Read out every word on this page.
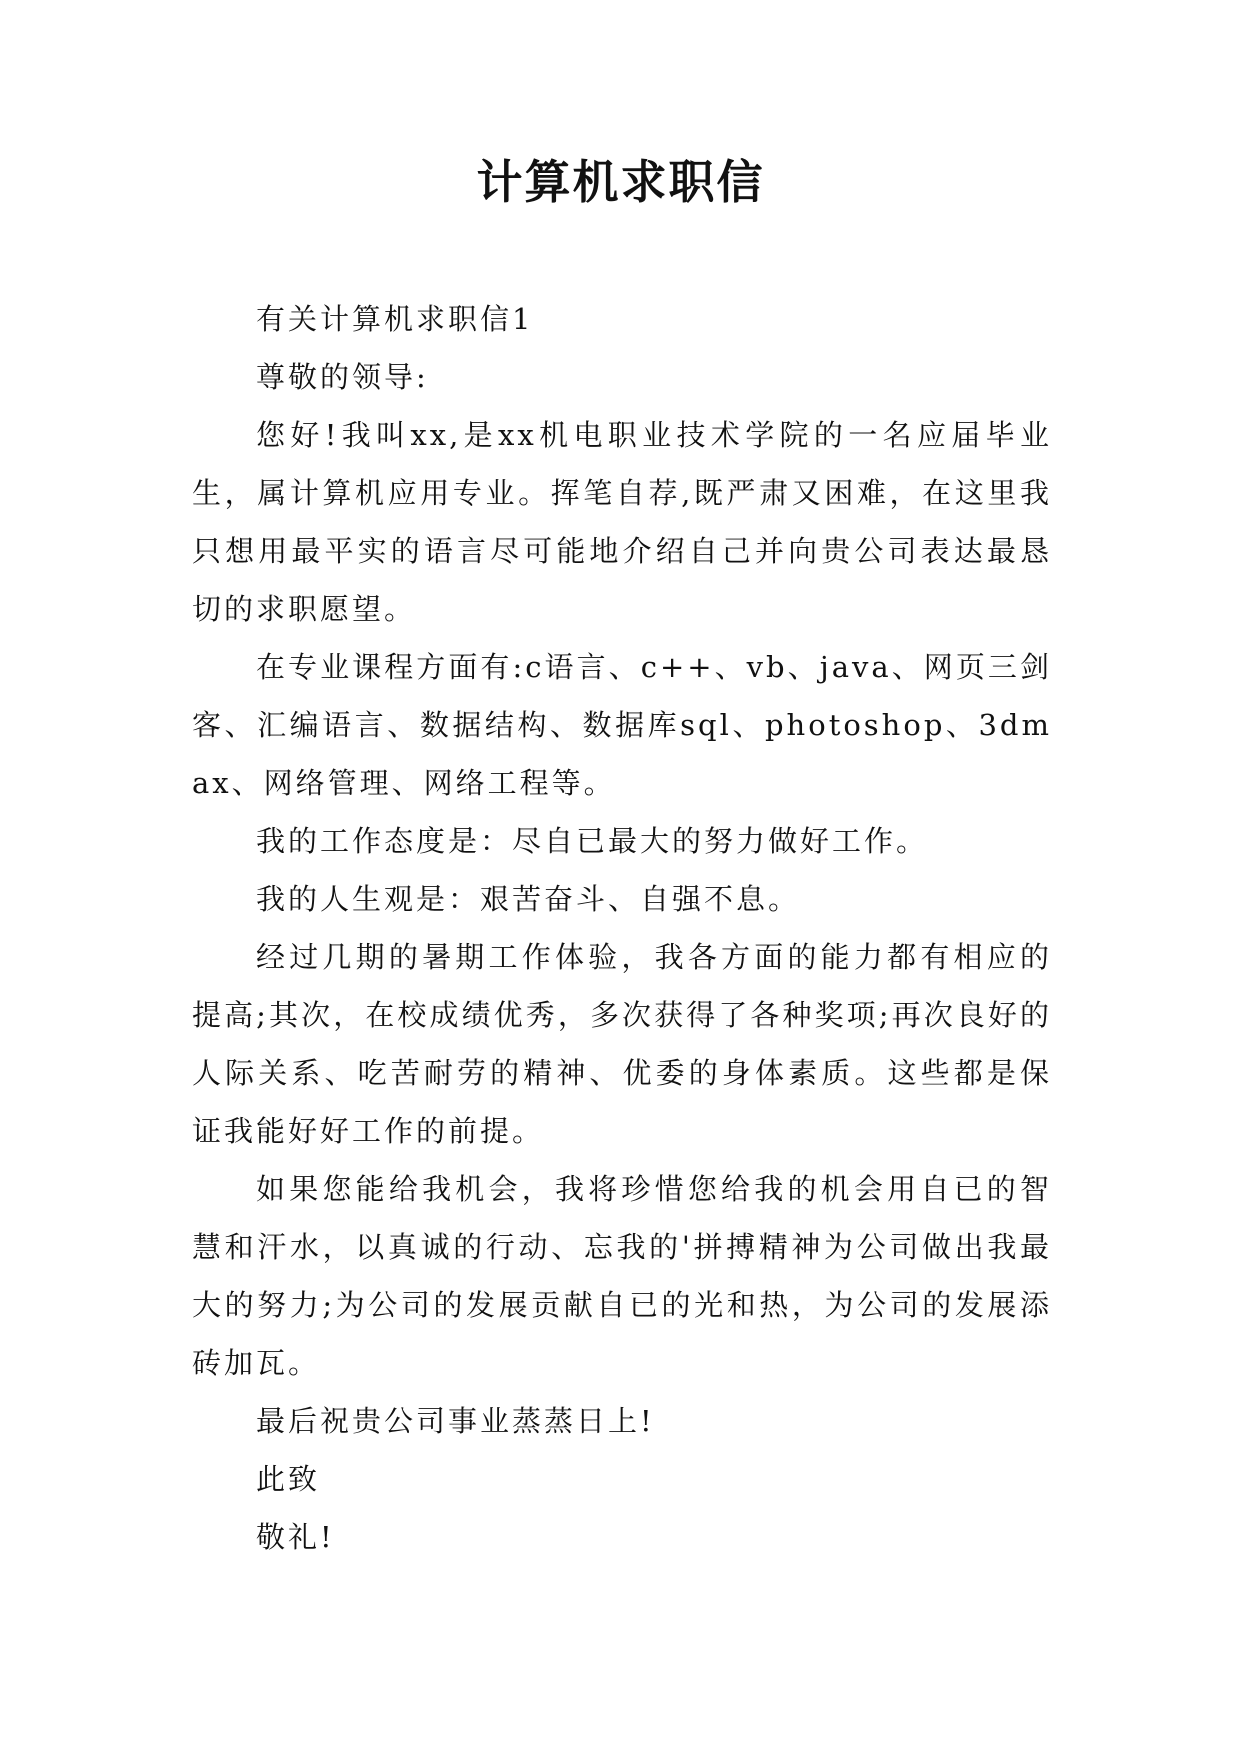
计算机求职信

有关计算机求职信1

尊敬的领导:

您好!我叫xx,是xx机电职业技术学院的一名应届毕业生，属计算机应用专业。挥笔自荐,既严肃又困难，在这里我只想用最平实的语言尽可能地介绍自己并向贵公司表达最恳切的求职愿望。

在专业课程方面有:c语言、c++、vb、java、网页三剑客、汇编语言、数据结构、数据库sql、photoshop、3dmax、网络管理、网络工程等。

我的工作态度是：尽自已最大的努力做好工作。

我的人生观是：艰苦奋斗、自强不息。

经过几期的暑期工作体验，我各方面的能力都有相应的提高;其次，在校成绩优秀，多次获得了各种奖项;再次良好的人际关系、吃苦耐劳的精神、优委的身体素质。这些都是保证我能好好工作的前提。

如果您能给我机会，我将珍惜您给我的机会用自已的智慧和汗水，以真诚的行动、忘我的'拼搏精神为公司做出我最大的努力;为公司的发展贡献自已的光和热，为公司的发展添砖加瓦。

最后祝贵公司事业蒸蒸日上!

此致

敬礼!
